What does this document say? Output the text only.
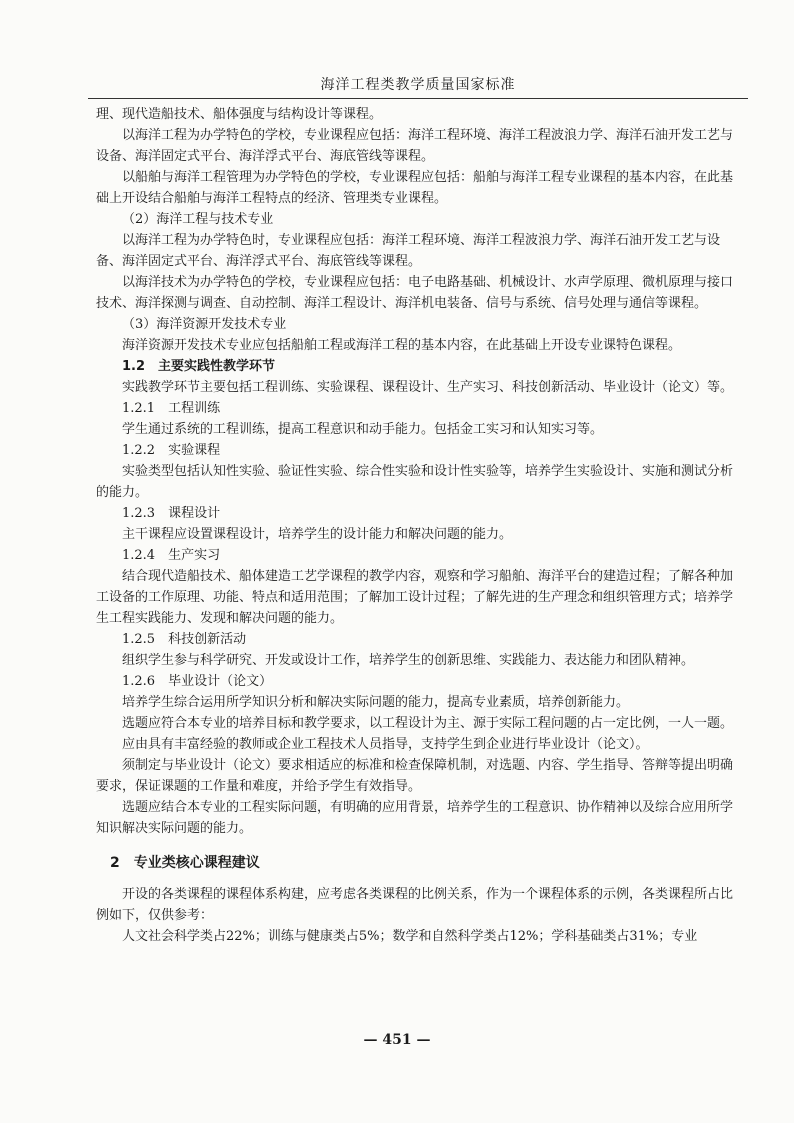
海洋工程类教学质量国家标准

理、现代造船技术、船体强度与结构设计等课程。

以海洋工程为办学特色的学校，专业课程应包括：海洋工程环境、海洋工程波浪力学、海洋石油开发工艺与设备、海洋固定式平台、海洋浮式平台、海底管线等课程。

以船舶与海洋工程管理为办学特色的学校，专业课程应包括：船舶与海洋工程专业课程的基本内容，在此基础上开设结合船舶与海洋工程特点的经济、管理类专业课程。

（2）海洋工程与技术专业

以海洋工程为办学特色时，专业课程应包括：海洋工程环境、海洋工程波浪力学、海洋石油开发工艺与设备、海洋固定式平台、海洋浮式平台、海底管线等课程。

以海洋技术为办学特色的学校，专业课程应包括：电子电路基础、机械设计、水声学原理、微机原理与接口技术、海洋探测与调查、自动控制、海洋工程设计、海洋机电装备、信号与系统、信号处理与通信等课程。

（3）海洋资源开发技术专业

海洋资源开发技术专业应包括船舶工程或海洋工程的基本内容，在此基础上开设专业课特色课程。

1.2　主要实践性教学环节

实践教学环节主要包括工程训练、实验课程、课程设计、生产实习、科技创新活动、毕业设计（论文）等。

1.2.1　工程训练

学生通过系统的工程训练，提高工程意识和动手能力。包括金工实习和认知实习等。

1.2.2　实验课程

实验类型包括认知性实验、验证性实验、综合性实验和设计性实验等，培养学生实验设计、实施和测试分析的能力。

1.2.3　课程设计

主干课程应设置课程设计，培养学生的设计能力和解决问题的能力。

1.2.4　生产实习

结合现代造船技术、船体建造工艺学课程的教学内容，观察和学习船舶、海洋平台的建造过程；了解各种加工设备的工作原理、功能、特点和适用范围；了解加工设计过程；了解先进的生产理念和组织管理方式；培养学生工程实践能力、发现和解决问题的能力。

1.2.5　科技创新活动

组织学生参与科学研究、开发或设计工作，培养学生的创新思维、实践能力、表达能力和团队精神。

1.2.6　毕业设计（论文）

培养学生综合运用所学知识分析和解决实际问题的能力，提高专业素质，培养创新能力。

选题应符合本专业的培养目标和教学要求，以工程设计为主、源于实际工程问题的占一定比例，一人一题。

应由具有丰富经验的教师或企业工程技术人员指导，支持学生到企业进行毕业设计（论文）。

须制定与毕业设计（论文）要求相适应的标准和检查保障机制，对选题、内容、学生指导、答辩等提出明确要求，保证课题的工作量和难度，并给予学生有效指导。

选题应结合本专业的工程实际问题，有明确的应用背景，培养学生的工程意识、协作精神以及综合应用所学知识解决实际问题的能力。

2　专业类核心课程建议

开设的各类课程的课程体系构建，应考虑各类课程的比例关系，作为一个课程体系的示例，各类课程所占比例如下，仅供参考：

人文社会科学类占22%；训练与健康类占5%；数学和自然科学类占12%；学科基础类占31%；专业

— 451 —
